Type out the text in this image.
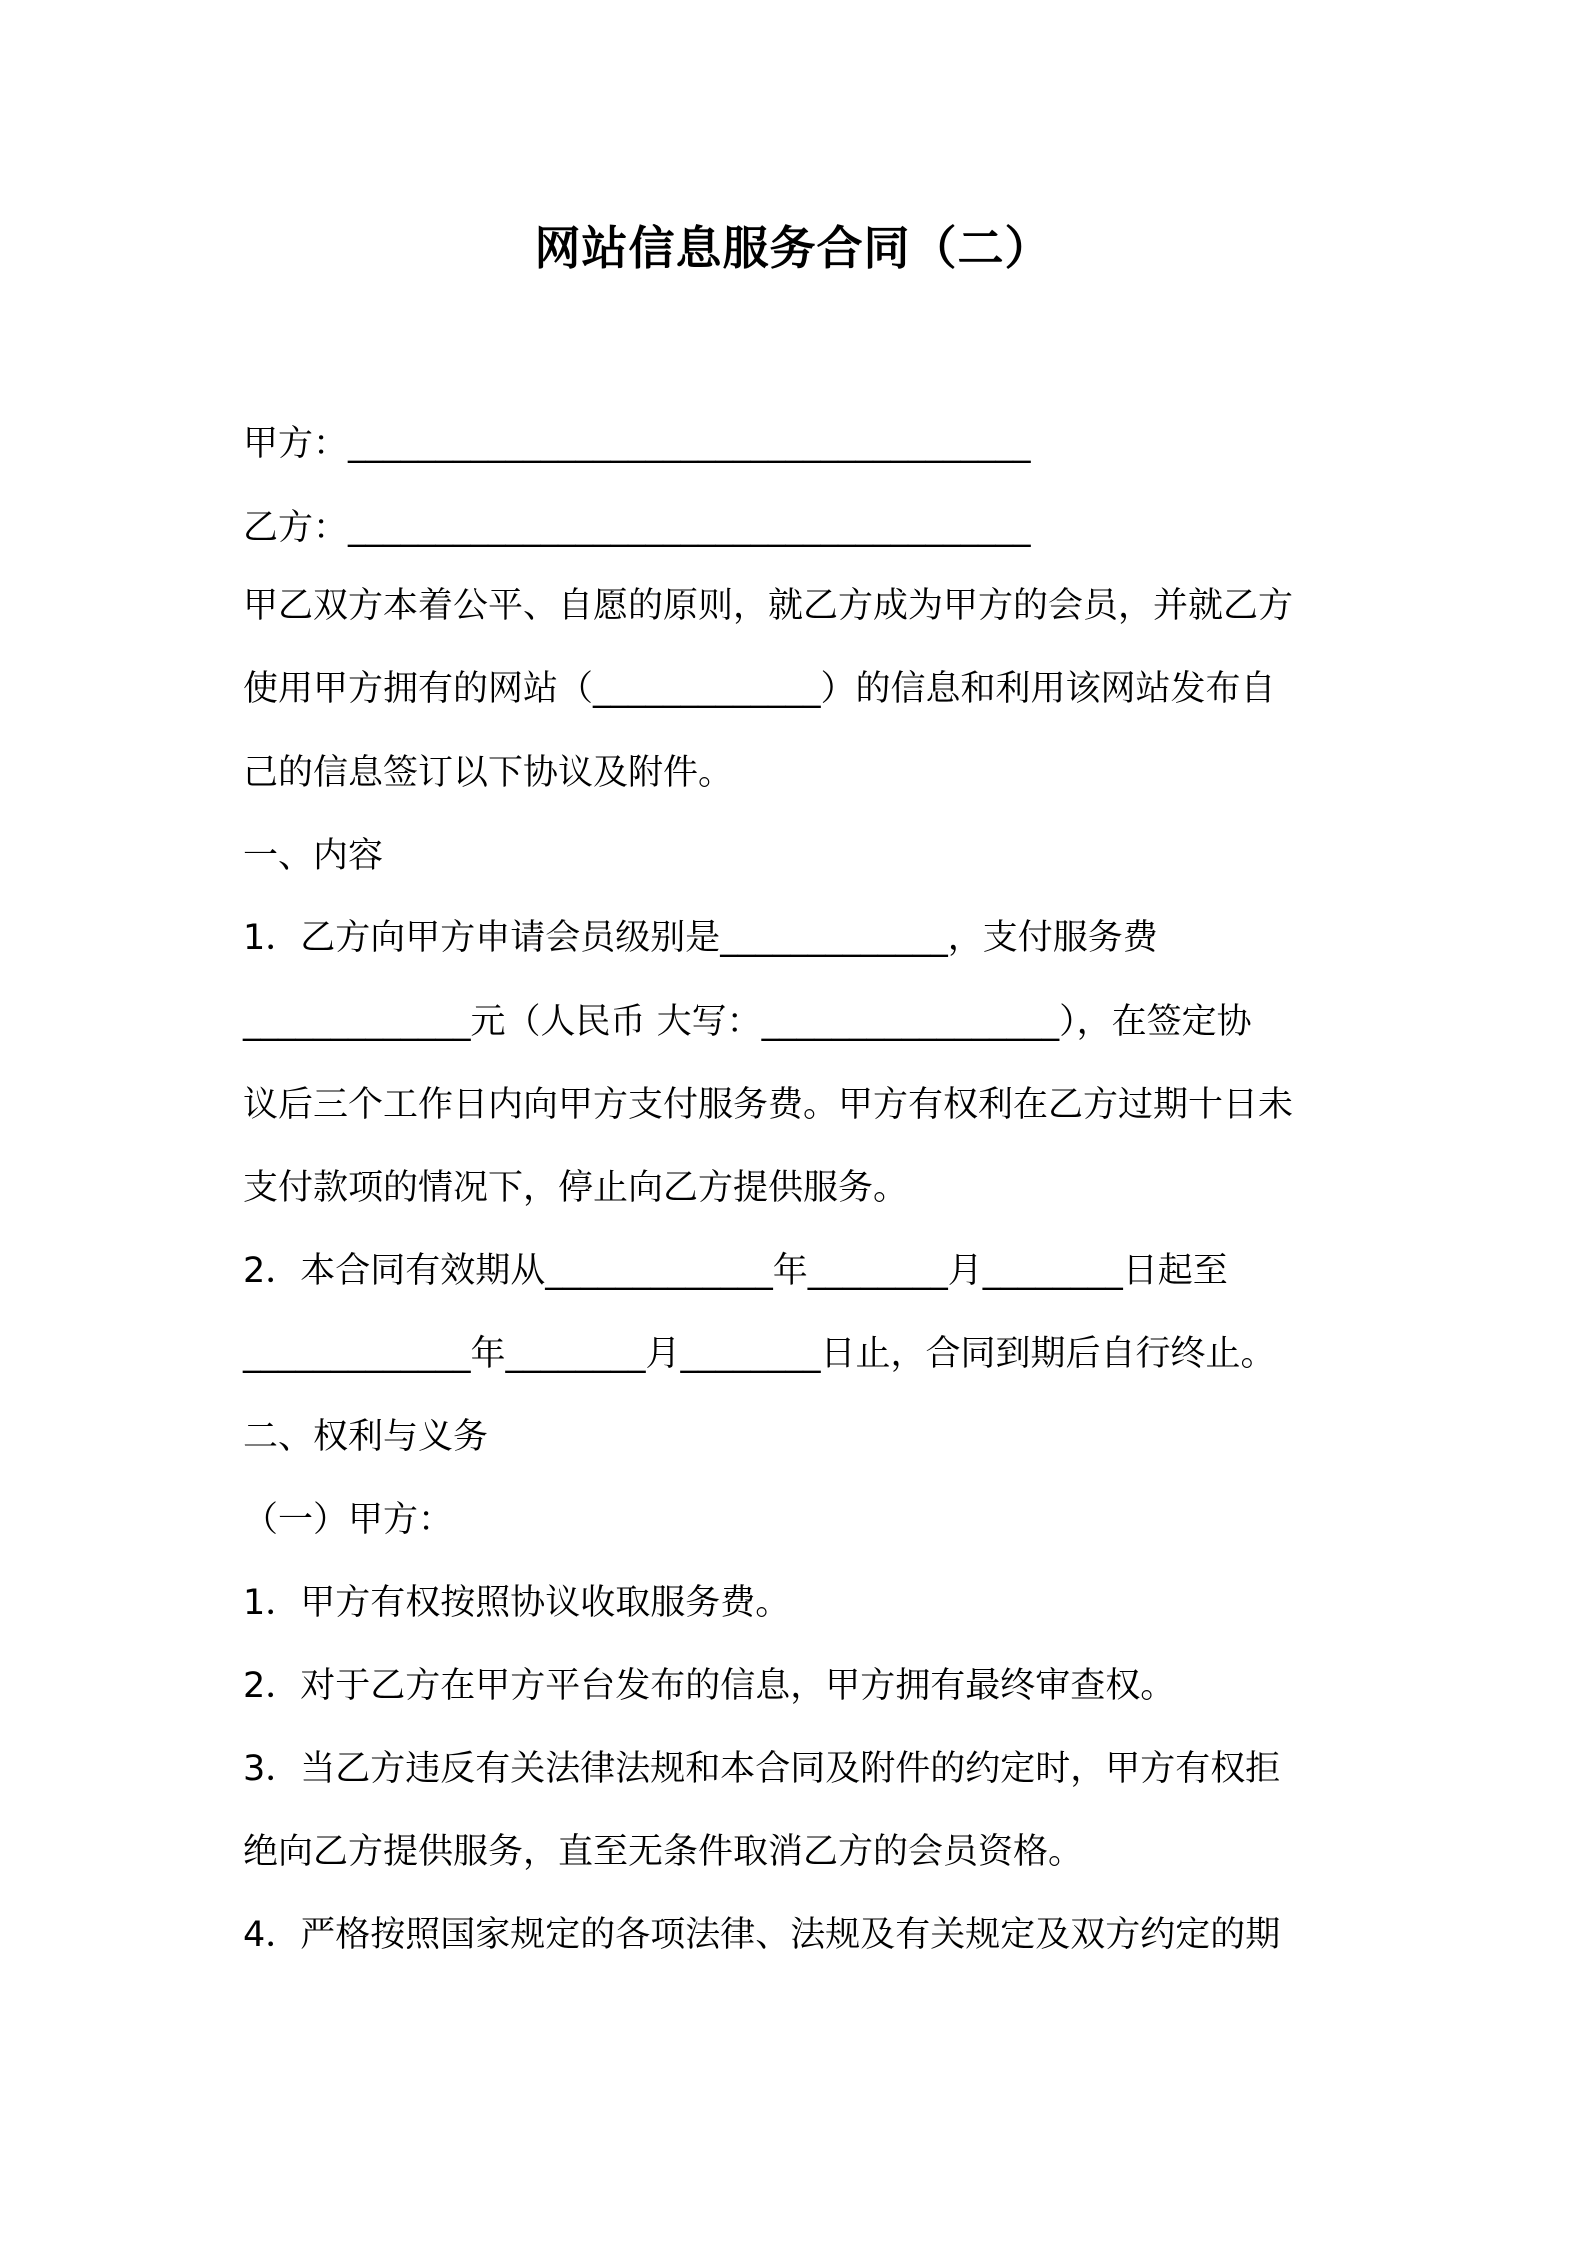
网站信息服务合同（二）
甲方：_______________________________________
乙方：_______________________________________
甲乙双方本着公平、自愿的原则，就乙方成为甲方的会员，并就乙方
使用甲方拥有的网站（_____________）的信息和利用该网站发布自
己的信息签订以下协议及附件。
一、内容
1．乙方向甲方申请会员级别是_____________，支付服务费
_____________元（人民币 大写：_________________），在签定协
议后三个工作日内向甲方支付服务费。甲方有权利在乙方过期十日未
支付款项的情况下，停止向乙方提供服务。
2．本合同有效期从_____________年________月________日起至
_____________年________月________日止，合同到期后自行终止。
二、权利与义务
（一）甲方：
1．甲方有权按照协议收取服务费。
2．对于乙方在甲方平台发布的信息，甲方拥有最终审查权。
3．当乙方违反有关法律法规和本合同及附件的约定时，甲方有权拒
绝向乙方提供服务，直至无条件取消乙方的会员资格。
4．严格按照国家规定的各项法律、法规及有关规定及双方约定的期
